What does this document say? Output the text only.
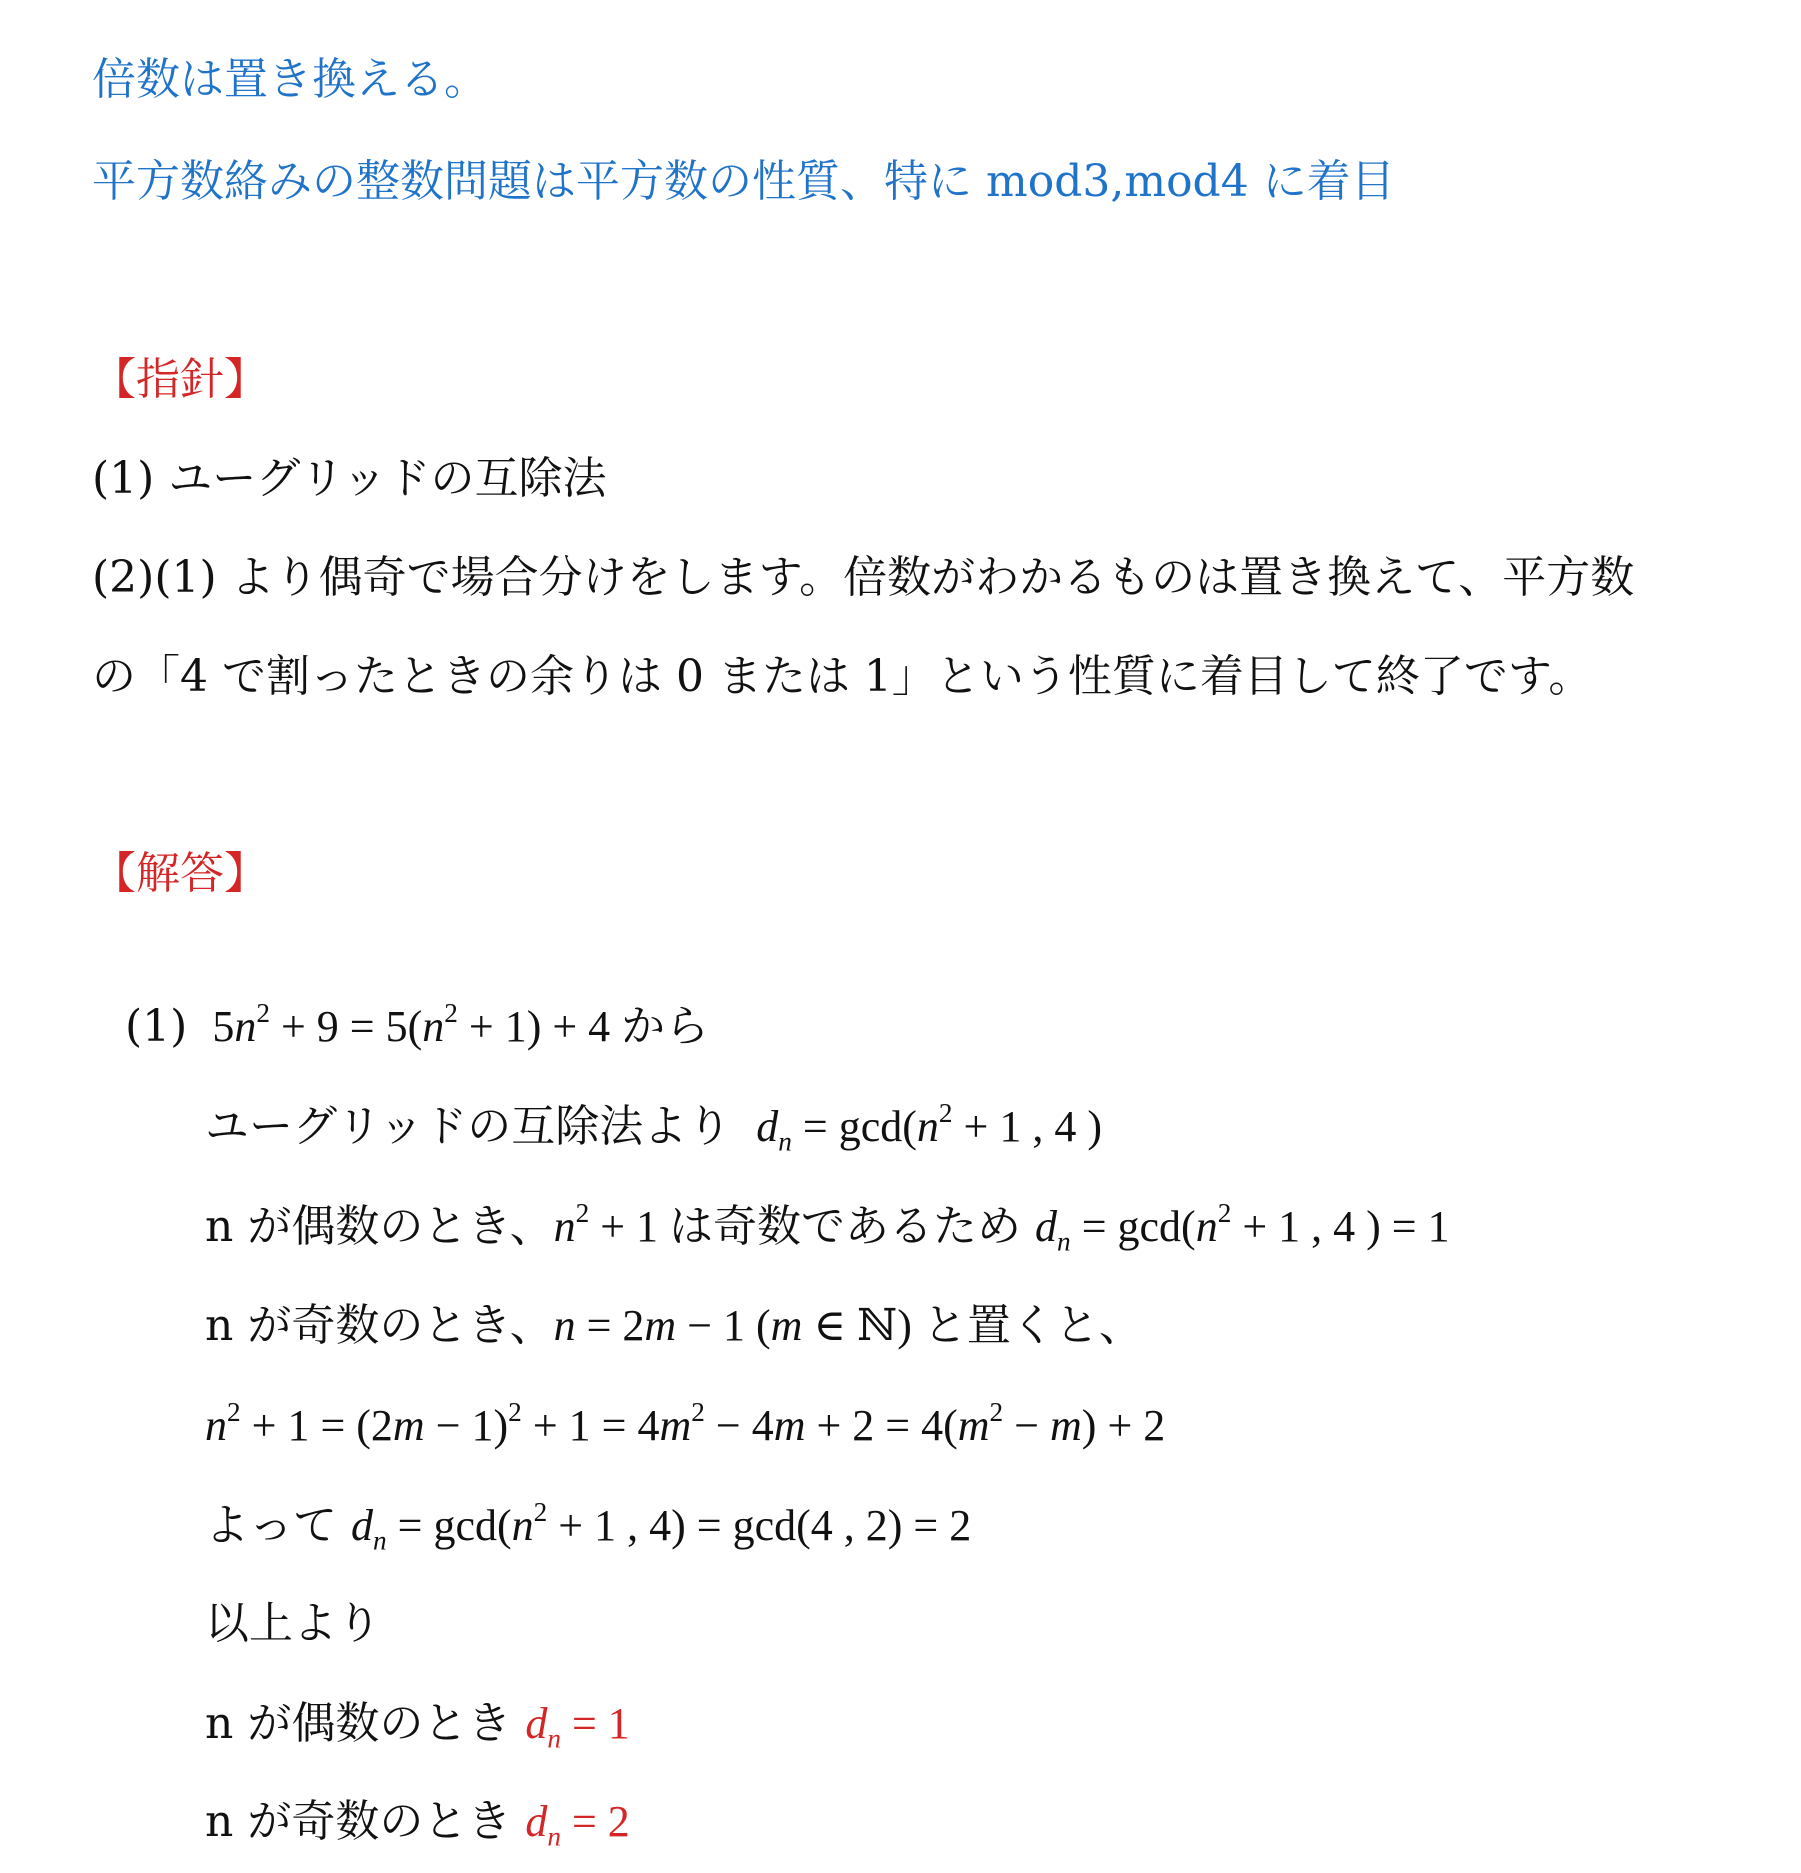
倍数は置き換える。
平方数絡みの整数問題は平方数の性質、特に mod3,mod4 に着目
【指針】
(1) ユーグリッドの互除法
(2)(1) より偶奇で場合分けをします。倍数がわかるものは置き換えて、平方数
の「4 で割ったときの余りは 0 または 1」という性質に着目して終了です。
【解答】
(1)  $5n^2 + 9 = 5(n^2 + 1) + 4$ から
ユーグリッドの互除法より $d_n = \gcd(n^2 + 1$ , 4 )
n が偶数のとき、$n^2 + 1$ は奇数であるため $d_n = \gcd(n^2 + 1$ , 4 ) = 1
n が奇数のとき、n = 2m − 1 (m ∈ ℕ) と置くと、
$n^2 + 1 = (2m - 1)^2 + 1 = 4m^2 - 4m + 2 = 4(m^2 - m) + 2$
よって $d_n = \gcd(n^2 + 1$ , 4) = gcd(4 , 2) = 2
以上より
n が偶数のとき $d_n = 1$
n が奇数のとき $d_n = 2$
